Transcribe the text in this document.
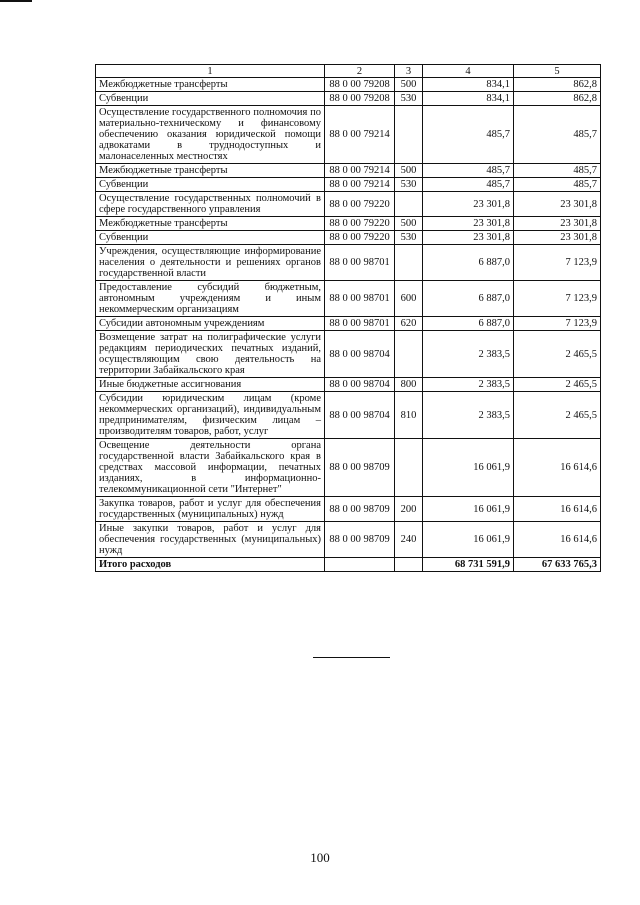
1	2	3	4	5
Межбюджетные трансферты	88 0 00 79208	500	834,1	862,8
Субвенции	88 0 00 79208	530	834,1	862,8
Осуществление государственного полномочия по материально-техническому и финансовому обеспечению оказания юридической помощи адвокатами в труднодоступных и малонаселенных местностях	88 0 00 79214		485,7	485,7
Межбюджетные трансферты	88 0 00 79214	500	485,7	485,7
Субвенции	88 0 00 79214	530	485,7	485,7
Осуществление государственных полномочий в сфере государственного управления	88 0 00 79220		23 301,8	23 301,8
Межбюджетные трансферты	88 0 00 79220	500	23 301,8	23 301,8
Субвенции	88 0 00 79220	530	23 301,8	23 301,8
Учреждения, осуществляющие информирование населения о деятельности и решениях органов государственной власти	88 0 00 98701		6 887,0	7 123,9
Предоставление субсидий бюджетным, автономным учреждениям и иным некоммерческим организациям	88 0 00 98701	600	6 887,0	7 123,9
Субсидии автономным учреждениям	88 0 00 98701	620	6 887,0	7 123,9
Возмещение затрат на полиграфические услуги редакциям периодических печатных изданий, осуществляющим свою деятельность на территории Забайкальского края	88 0 00 98704		2 383,5	2 465,5
Иные бюджетные ассигнования	88 0 00 98704	800	2 383,5	2 465,5
Субсидии юридическим лицам (кроме некоммерческих организаций), индивидуальным предпринимателям, физическим лицам – производителям товаров, работ, услуг	88 0 00 98704	810	2 383,5	2 465,5
Освещение деятельности органа государственной власти Забайкальского края в средствах массовой информации, печатных изданиях, в информационно-телекоммуникационной сети "Интернет"	88 0 00 98709		16 061,9	16 614,6
Закупка товаров, работ и услуг для обеспечения государственных (муниципальных) нужд	88 0 00 98709	200	16 061,9	16 614,6
Иные закупки товаров, работ и услуг для обеспечения государственных (муниципальных) нужд	88 0 00 98709	240	16 061,9	16 614,6
Итого расходов			68 731 591,9	67 633 765,3
100
